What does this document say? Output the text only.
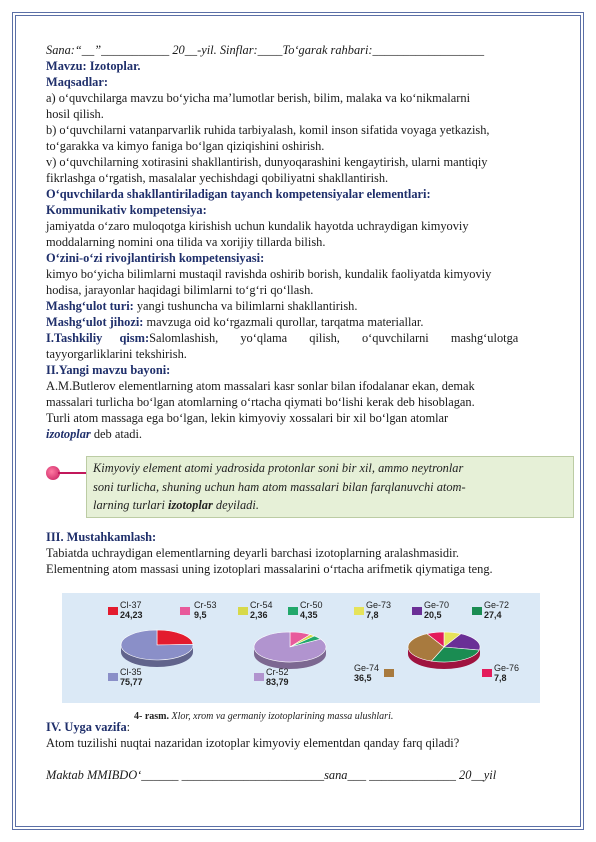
Sana:“__”___________ 20__-yil. Sinflar:____To‘garak rahbari:__________________
Mavzu: Izotoplar.
Maqsadlar:
a) o‘quvchilarga mavzu bo‘yicha ma’lumotlar berish, bilim, malaka va ko‘nikmalarni
hosil qilish.
b) o‘quvchilarni vatanparvarlik ruhida tarbiyalash, komil inson sifatida voyaga yetkazish,
to‘garakka va kimyo faniga bo‘lgan qiziqishini oshirish.
v) o‘quvchilarning xotirasini shakllantirish, dunyoqarashini kengaytirish, ularni mantiqiy
fikrlashga o‘rgatish, masalalar yechishdagi qobiliyatni shakllantirish.
O‘quvchilarda shakllantiriladigan tayanch kompetensiyalar elementlari:
Kommunikativ kompetensiya:
jamiyatda o‘zaro muloqotga kirishish uchun kundalik hayotda uchraydigan kimyoviy
moddalarning nomini ona tilida va xorijiy tillarda bilish.
O‘zini-o‘zi rivojlantirish kompetensiyasi:
kimyo bo‘yicha bilimlarni mustaqil ravishda oshirib borish, kundalik faoliyatda kimyoviy
hodisa, jarayonlar haqidagi bilimlarni to‘g‘ri qo‘llash.
Mashg‘ulot turi: yangi tushuncha va bilimlarni shakllantirish.
Mashg‘ulot jihozi: mavzuga oid ko‘rgazmali qurollar, tarqatma materiallar.
I.Tashkiliy qism: Salomlashish, yo‘qlama qilish, o‘quvchilarni mashg‘ulotga
tayyorgarliklarini tekshirish.
II.Yangi mavzu bayoni:
A.M.Butlerov elementlarning atom massalari kasr sonlar bilan ifodalanar ekan, demak
massalari turlicha bo‘lgan atomlarning o‘rtacha qiymati bo‘lishi kerak deb hisoblagan.
Turli atom massaga ega bo‘lgan, lekin kimyoviy xossalari bir xil bo‘lgan atomlar
izotoplar deb atadi.
Kimyoviy element atomi yadrosida protonlar soni bir xil, ammo neytronlar
soni turlicha, shuning uchun ham atom massalari bilan farqlanuvchi atom-
larning turlari izotoplar deyiladi.
III. Mustahkamlash:
Tabiatda uchraydigan elementlarning deyarli barchasi izotoplarning aralashmasidir.
Elementning atom massasi uning izotoplari massalarini o‘rtacha arifmetik qiymatiga teng.
Cl-37
24,23
Cl-35
75,77
Cr-53
9,5
Cr-54
2,36
Cr-50
4,35
Cr-52
83,79
Ge-73
7,8
Ge-70
20,5
Ge-72
27,4
Ge-74
36,5
Ge-76
7,8
4- rasm. Xlor, xrom va germaniy izotoplarining massa ulushlari.
IV. Uyga vazifa:
Atom tuzilishi nuqtai nazaridan izotoplar kimyoviy elementdan qanday farq qiladi?
Maktab MMIBDO‘______ _______________________sana___ ______________ 20__yil
